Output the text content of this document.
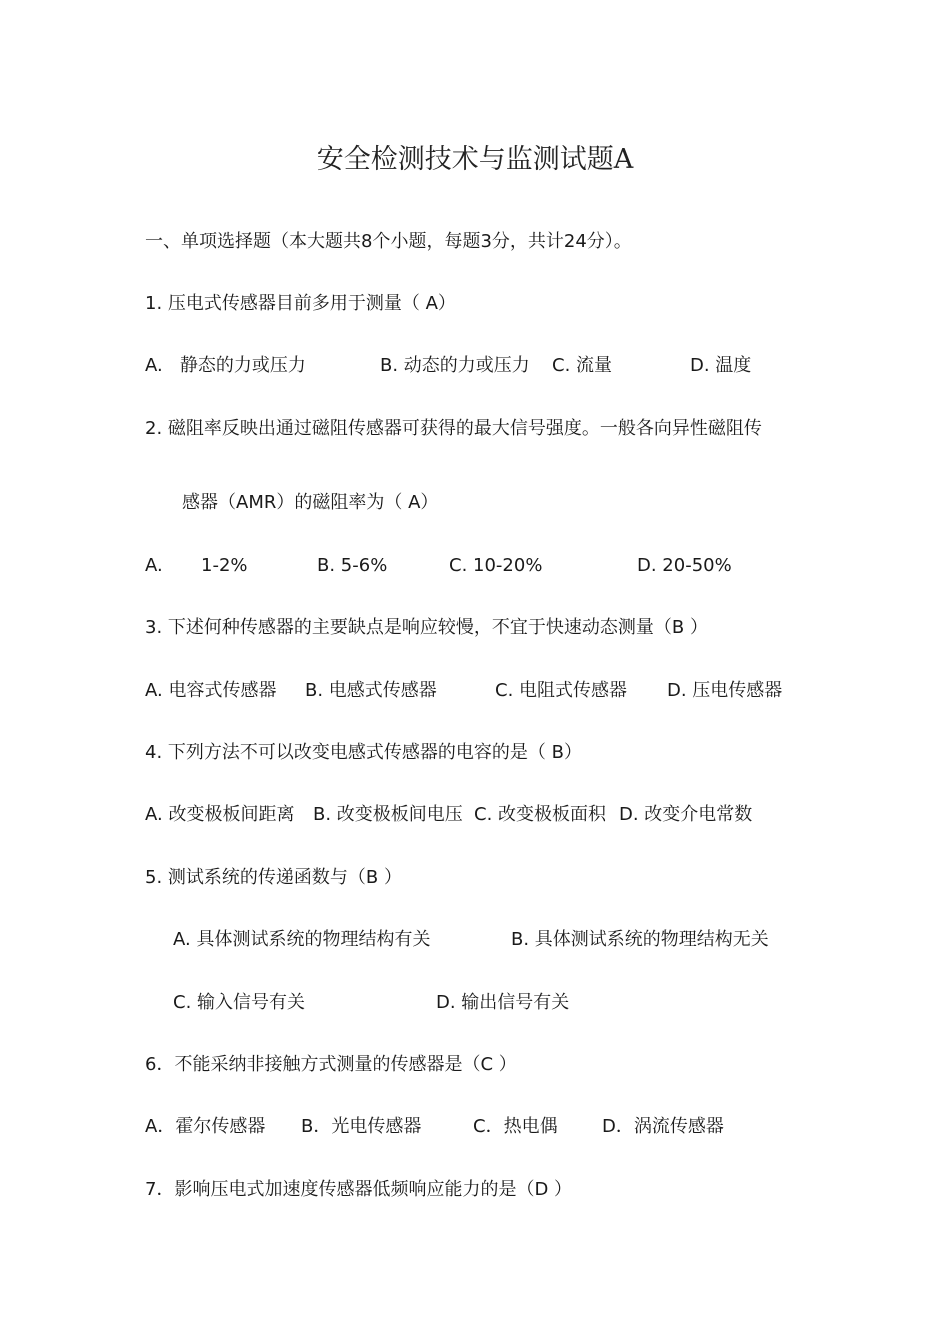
安全检测技术与监测试题A
一、单项选择题（本大题共8个小题，每题3分，共计24分）。
1. 压电式传感器目前多用于测量（ A）
A.   静态的力或压力	B. 动态的力或压力 C. 流量	D. 温度
2. 磁阻率反映出通过磁阻传感器可获得的最大信号强度。一般各向异性磁阻传
感器（AMR）的磁阻率为（ A）
A. 1-2%	B. 5-6%	C. 10-20%	D. 20-50%
3. 下述何种传感器的主要缺点是响应较慢，不宜于快速动态测量（B ）
A. 电容式传感器 B. 电感式传感器	C. 电阻式传感器 D. 压电传感器
4. 下列方法不可以改变电感式传感器的电容的是（ B）
A. 改变极板间距离 B. 改变极板间电压 C. 改变极板面积 D. 改变介电常数
5. 测试系统的传递函数与（B ）
A. 具体测试系统的物理结构有关	B. 具体测试系统的物理结构无关
C. 输入信号有关	D. 输出信号有关
6．不能采纳非接触方式测量的传感器是（C ）
A．霍尔传感器 B．光电传感器	C．热电偶 D．涡流传感器
7．影响压电式加速度传感器低频响应能力的是（D ）
